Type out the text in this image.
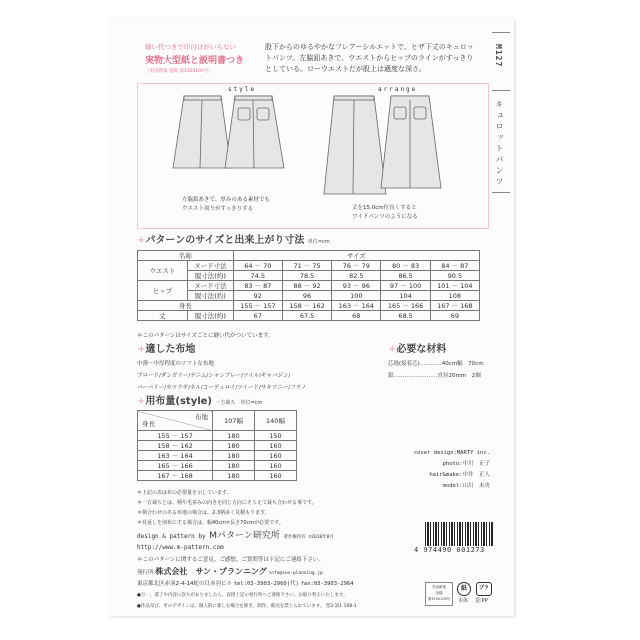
縫い代つきで印付けがいらない
実物大型紙と説明書つき
（実用新案 登録 第3150105号）
股下からのゆるやかなフレアーシルエットで、ヒザ下丈のキュロットパンツ。左脇釦あきで、ウエストからヒップのラインがすっきりとしている。ローウエストだが股上は適度な深さ。
M127
キュロットパンツ
style	arrange
左脇釦あきで、厚みのある素材でも
ウエスト周りがすっきりする	丈を15.0cm位長くすると
ワイドパンツのようになる
+パターンのサイズと出来上がり寸法 単位=cm
名称		サイズ				
ウエスト	ヌード寸法	64 － 70	71 － 75	76 － 79	80 － 83	84 － 87
	服寸法(約)	74.5	78.5	82.5	86.5	90.5
ヒップ	ヌード寸法	83 － 87	88 － 92	93 － 96	97 － 100	101 － 104
	服寸法(約)	92	96	100	104	108
身長		155 － 157	158 － 162	163 － 164	165 － 166	167 － 168
丈	服寸法(約)	67	67.5	68	68.5	69
＊このパターンはサイズごとに縫い代がついています。
+適した布地
中薄～中厚程度のソフトな布地
ブロード/ダンガリー/デニム/シャンブレー/ツイル/ギャバジン/
バーバリー/カツラギ/ネル/コーデュロイ/ツイード/サキソニー/フラノ
+必要な材料
芯地(接着芯)…………40cm幅　70cm
釦……………………直径20mm　2個
+用布量(style) 一方裁ち　単位=cm
布地
身長	107幅	140幅
155 － 157	180	150
158 － 162	180	160
163 － 164	180	160
165 － 166	180	160
167 － 168	180	160
＊上記の表は布の必要量を示しています。
＊一方裁ちとは、柄や毛並みの向きを同じ方向にそろえて裁ち合わせる事です。
＊柄合わせのある布地の場合は、2-3柄多く見積もります。
＊見返しを別布にする場合は、幅40cm×長さ70cmが必要です。
cover design:MARTY inc.
photo:中川　正子
hair&make:中井　正人
model:山川　未央
design & pattern by Mパターン研究所 著作権所有 ©2010年8月
http://www.m-pattern.com
＊このパターンに関するご意見、ご感想、ご質問等は下記にご連絡下さい。
発行所:株式会社　サン・プランニング info@sun-planning.jp
東京都北区赤羽2-4-14蛇の目赤羽ビル tel:03-3903-2960(代) fax:03-3903-2964
●万一、落丁や内容に誤りがありましたら、直接上記の発行所へご連絡下さい。お取り替えいたします。
●作品及び、そのデザインは、個人的に楽しむ場合を除き、制作、販売を禁じられています。 型2-説1 108-1
4 974490 001273
実用新案
登録
第3150105号
紙
本体
プラ
袋:PP
